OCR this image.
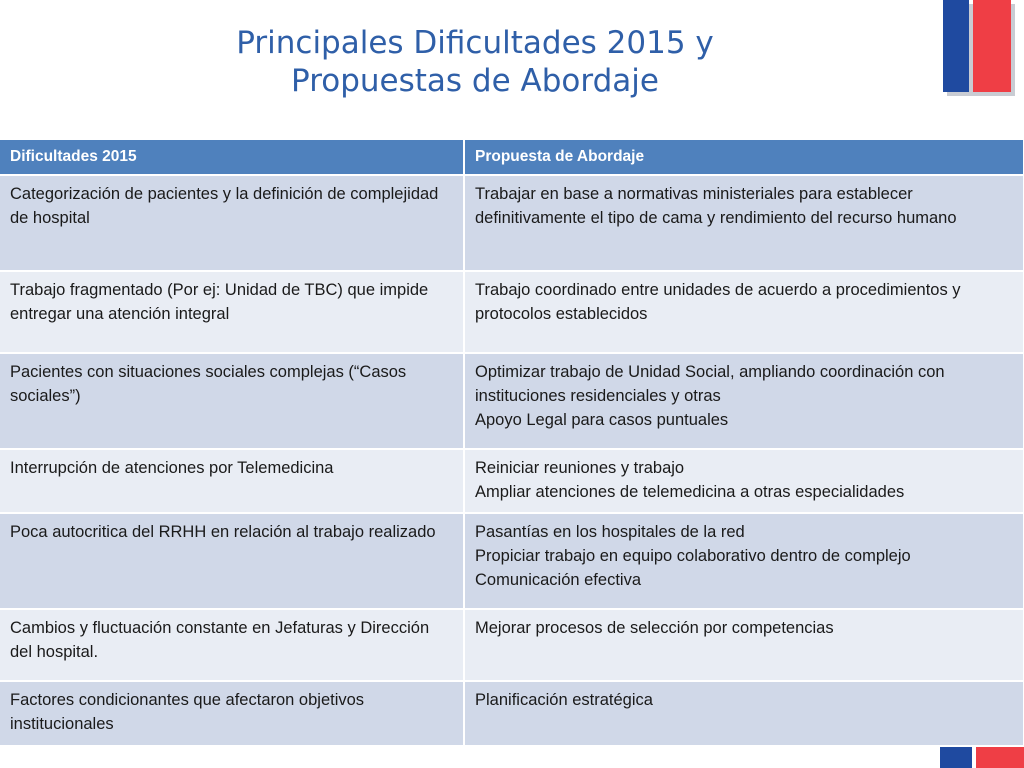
Principales Dificultades 2015 y
Propuestas de Abordaje
Dificultades 2015	Propuesta de Abordaje
Categorización de pacientes y la definición de complejidad de hospital	Trabajar en base a normativas ministeriales para establecer definitivamente el tipo de cama y rendimiento del recurso humano

Trabajo fragmentado (Por ej: Unidad de TBC) que impide entregar una atención integral	Trabajo coordinado entre unidades de acuerdo a procedimientos y protocolos establecidos

Pacientes con situaciones sociales complejas (“Casos sociales”)	Optimizar trabajo de Unidad Social, ampliando coordinación con instituciones residenciales y otras
Apoyo Legal para casos puntuales

Interrupción de atenciones por Telemedicina	Reiniciar reuniones y trabajo
Ampliar atenciones de telemedicina a otras especialidades

Poca autocritica del RRHH en relación al trabajo realizado	Pasantías en los hospitales de la red
Propiciar trabajo en equipo colaborativo dentro de complejo
Comunicación efectiva

Cambios y fluctuación constante en Jefaturas y Dirección del hospital.	Mejorar procesos de selección por competencias

Factores condicionantes que afectaron objetivos institucionales	Planificación estratégica
